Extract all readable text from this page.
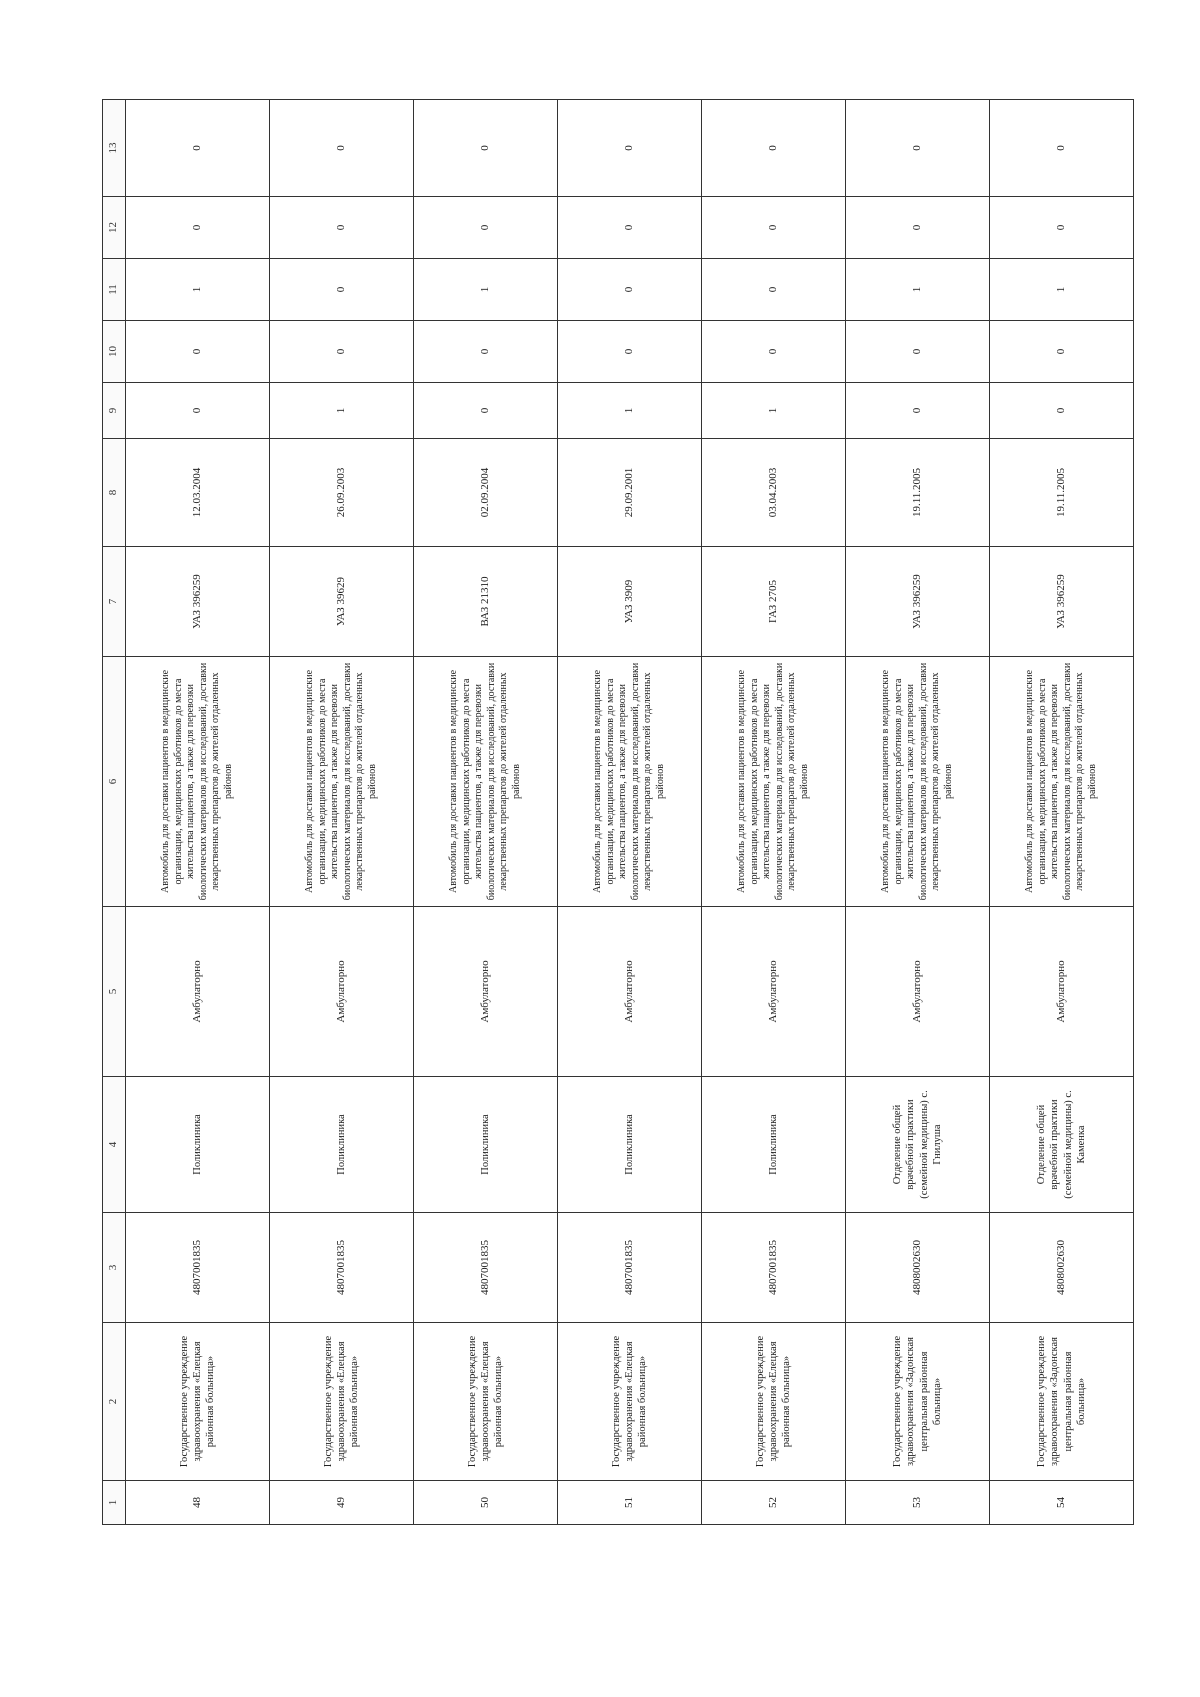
1	2	3	4	5	6	7	8	9	10	11	12	13
48	Государственное учреждение здравоохранения «Елецкая районная больница»	4807001835	Поликлиника	Амбулаторно	Автомобиль для доставки пациентов в медицинские организации, медицинских работников до места жительства пациентов, а также для перевозки биологических материалов для исследований, доставки лекарственных препаратов до жителей отдаленных районов	УАЗ 396259	12.03.2004	0	0	1	0	0
49	Государственное учреждение здравоохранения «Елецкая районная больница»	4807001835	Поликлиника	Амбулаторно	Автомобиль для доставки пациентов в медицинские организации, медицинских работников до места жительства пациентов, а также для перевозки биологических материалов для исследований, доставки лекарственных препаратов до жителей отдаленных районов	УАЗ 39629	26.09.2003	1	0	0	0	0
50	Государственное учреждение здравоохранения «Елецкая районная больница»	4807001835	Поликлиника	Амбулаторно	Автомобиль для доставки пациентов в медицинские организации, медицинских работников до места жительства пациентов, а также для перевозки биологических материалов для исследований, доставки лекарственных препаратов до жителей отдаленных районов	ВАЗ 21310	02.09.2004	0	0	1	0	0
51	Государственное учреждение здравоохранения «Елецкая районная больница»	4807001835	Поликлиника	Амбулаторно	Автомобиль для доставки пациентов в медицинские организации, медицинских работников до места жительства пациентов, а также для перевозки биологических материалов для исследований, доставки лекарственных препаратов до жителей отдаленных районов	УАЗ 3909	29.09.2001	1	0	0	0	0
52	Государственное учреждение здравоохранения «Елецкая районная больница»	4807001835	Поликлиника	Амбулаторно	Автомобиль для доставки пациентов в медицинские организации, медицинских работников до места жительства пациентов, а также для перевозки биологических материалов для исследований, доставки лекарственных препаратов до жителей отдаленных районов	ГАЗ 2705	03.04.2003	1	0	0	0	0
53	Государственное учреждение здравоохранения «Задонская центральная районная больница»	4808002630	Отделение общей врачебной практики (семейной медицины) с. Гнилуша	Амбулаторно	Автомобиль для доставки пациентов в медицинские организации, медицинских работников до места жительства пациентов, а также для перевозки биологических материалов для исследований, доставки лекарственных препаратов до жителей отдаленных районов	УАЗ 396259	19.11.2005	0	0	1	0	0
54	Государственное учреждение здравоохранения «Задонская центральная районная больница»	4808002630	Отделение общей врачебной практики (семейной медицины) с. Каменка	Амбулаторно	Автомобиль для доставки пациентов в медицинские организации, медицинских работников до места жительства пациентов, а также для перевозки биологических материалов для исследований, доставки лекарственных препаратов до жителей отдаленных районов	УАЗ 396259	19.11.2005	0	0	1	0	0
